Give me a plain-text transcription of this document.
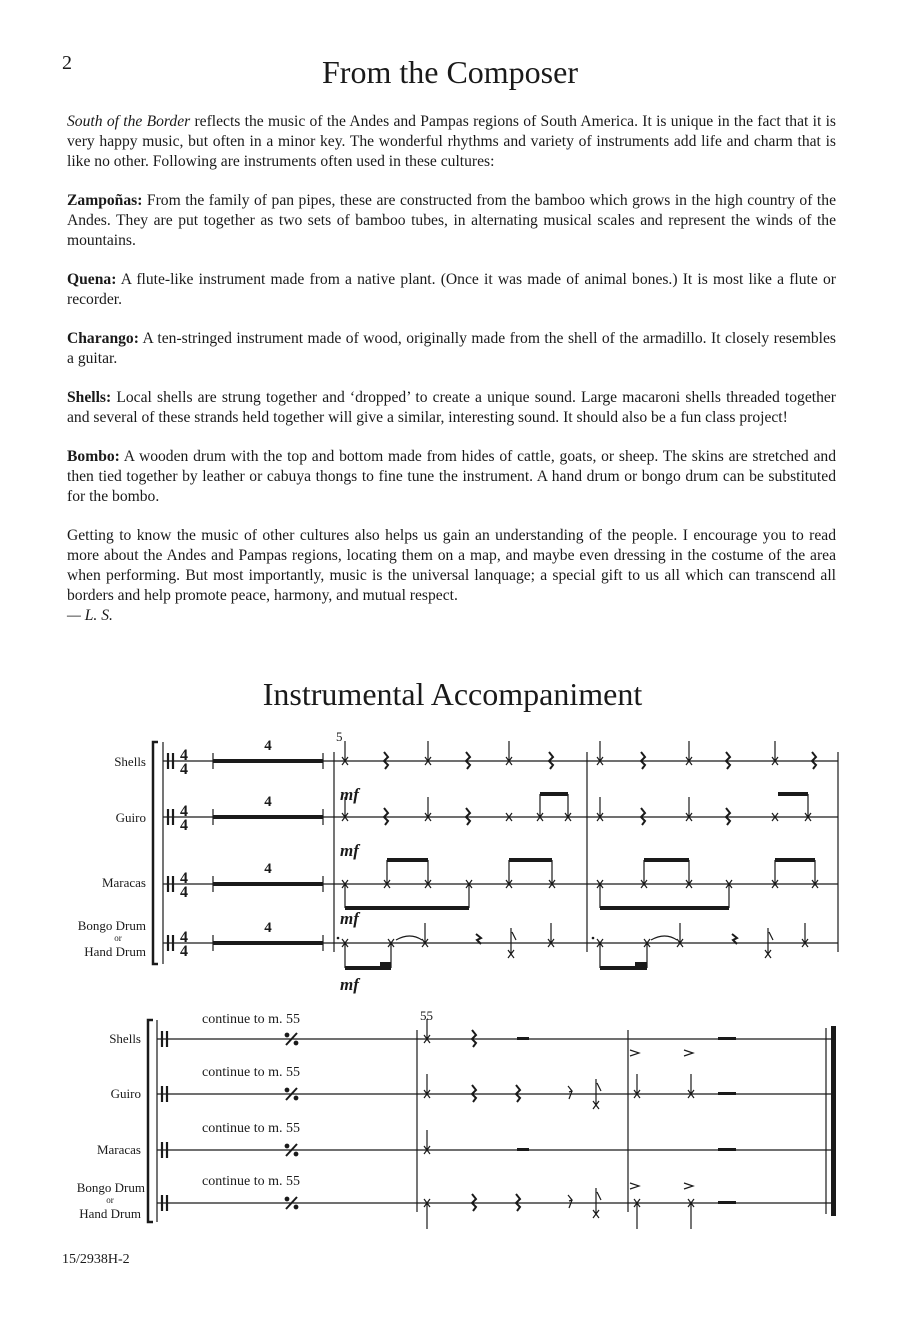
2	From the Composer

South of the Border reflects the music of the Andes and Pampas regions of South America. It is unique in the fact that it is very happy music, but often in a minor key. The wonderful rhythms and variety of instruments add life and charm that is like no other. Following are instruments often used in these cultures:

Zampoñas: From the family of pan pipes, these are constructed from the bamboo which grows in the high country of the Andes. They are put together as two sets of bamboo tubes, in alternating musical scales and represent the winds of the mountains.

Quena: A flute-like instrument made from a native plant. (Once it was made of animal bones.) It is most like a flute or recorder.

Charango: A ten-stringed instrument made of wood, originally made from the shell of the armadillo. It closely resembles a guitar.

Shells: Local shells are strung together and ‘dropped’ to create a unique sound. Large macaroni shells threaded together and several of these strands held together will give a similar, interesting sound. It should also be a fun class project!

Bombo: A wooden drum with the top and bottom made from hides of cattle, goats, or sheep. The skins are stretched and then tied together by leather or cabuya thongs to fine tune the instrument. A hand drum or bongo drum can be substituted for the bombo.

Getting to know the music of other cultures also helps us gain an understanding of the people. I encourage you to read more about the Andes and Pampas regions, locating them on a map, and maybe even dressing in the costume of the area when performing. But most importantly, music is the universal lanquage; a special gift to us all which can transcend all borders and help promote peace, harmony, and mutual respect.
— L. S.

Instrumental Accompaniment
Shells
Guiro
Maracas
Bongo Drum
or
Hand Drum
4
4
4
4
4
4
4
4
4
4
4
4
5
mf
mf
mf
mf
Shells
Guiro
Maracas
Bongo Drum
or
Hand Drum
continue to m. 55
continue to m. 55
continue to m. 55
continue to m. 55
55
15/2938H-2
